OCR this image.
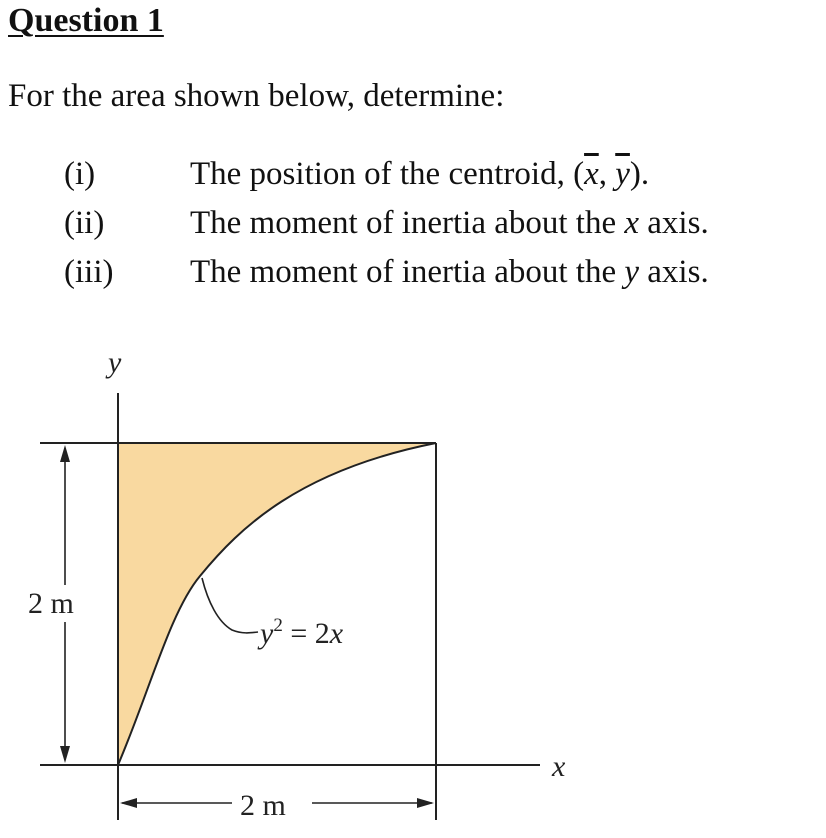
Question 1

For the area shown below, determine:

(i)	The position of the centroid, ($\overline{x}$, $\overline{y}$).
(ii)	The moment of inertia about the x axis.
(iii)	The moment of inertia about the y axis.
y
x
2 m
2 m
$y^2 = 2x$
